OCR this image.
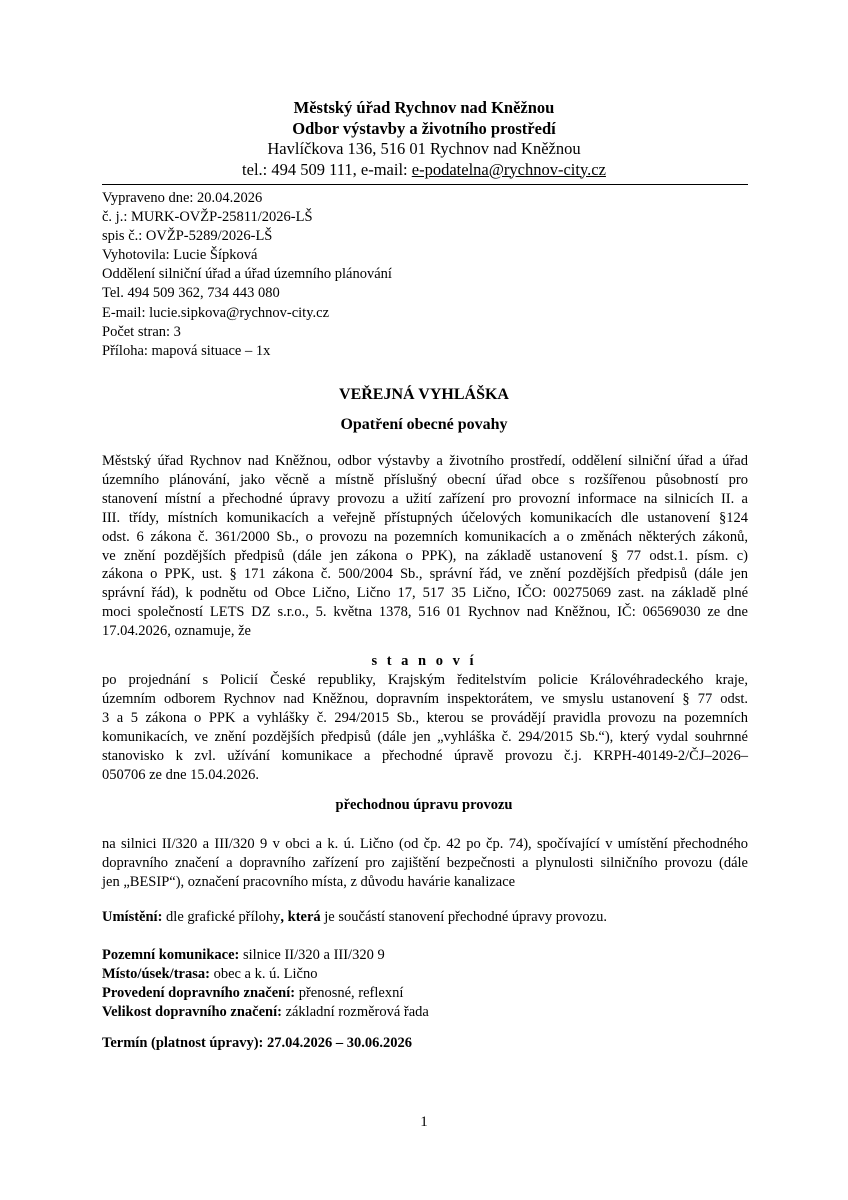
Městský úřad Rychnov nad Kněžnou
Odbor výstavby a životního prostředí
Havlíčkova 136, 516 01 Rychnov nad Kněžnou
tel.: 494 509 111, e-mail: e-podatelna@rychnov-city.cz
Vypraveno dne: 20.04.2026
č. j.: MURK-OVŽP-25811/2026-LŠ
spis č.: OVŽP-5289/2026-LŠ
Vyhotovila: Lucie Šípková
Oddělení silniční úřad a úřad územního plánování
Tel. 494 509 362, 734 443 080
E-mail: lucie.sipkova@rychnov-city.cz
Počet stran: 3
Příloha: mapová situace – 1x
VEŘEJNÁ VYHLÁŠKA
Opatření obecné povahy
Městský úřad Rychnov nad Kněžnou, odbor výstavby a životního prostředí, oddělení silniční úřad a úřad
územního plánování, jako věcně a místně příslušný obecní úřad obce s rozšířenou působností pro
stanovení místní a přechodné úpravy provozu a užití zařízení pro provozní informace na silnicích II. a
III. třídy, místních komunikacích a veřejně přístupných účelových komunikacích dle ustanovení §124
odst. 6 zákona č. 361/2000 Sb., o provozu na pozemních komunikacích a o změnách některých zákonů,
ve znění pozdějších předpisů (dále jen zákona o PPK), na základě ustanovení § 77 odst.1. písm. c)
zákona o PPK, ust. § 171 zákona č. 500/2004 Sb., správní řád, ve znění pozdějších předpisů (dále jen
správní řád), k podnětu od Obce Ličnо, Ličnо 17, 517 35 Ličnо, IČO: 00275069 zast. na základě plné
moci společností LETS DZ s.r.o., 5. května 1378, 516 01 Rychnov nad Kněžnou, IČ: 06569030 ze dne
17.04.2026, oznamuje, že
s t a n o v í
po projednání s Policií České republiky, Krajským ředitelstvím policie Královéhradeckého kraje,
územním odborem Rychnov nad Kněžnou, dopravním inspektorátem, ve smyslu ustanovení § 77 odst.
3 a 5 zákona o PPK a vyhlášky č. 294/2015 Sb., kterou se provádějí pravidla provozu na pozemních
komunikacích, ve znění pozdějších předpisů (dále jen „vyhláška č. 294/2015 Sb.“), který vydal souhrnné
stanovisko k zvl. užívání komunikace a přechodné úpravě provozu č.j. KRPH-40149-2/ČJ–2026–
050706 ze dne 15.04.2026.
přechodnou úpravu provozu
na silnici II/320 a III/320 9 v obci a k. ú. Ličnо (od čp. 42 po čp. 74), spočívající v umístění přechodného
dopravního značení a dopravního zařízení pro zajištění bezpečnosti a plynulosti silničního provozu (dále
jen „BESIP“), označení pracovního místa, z důvodu havárie kanalizace
Umístění: dle grafické přílohy, která je součástí stanovení přechodné úpravy provozu.
Pozemní komunikace: silnice II/320 a III/320 9
Místo/úsek/trasa: obec a k. ú. Ličnо
Provedení dopravního značení: přenosné, reflexní
Velikost dopravního značení: základní rozměrová řada
Termín (platnost úpravy): 27.04.2026 – 30.06.2026
1
